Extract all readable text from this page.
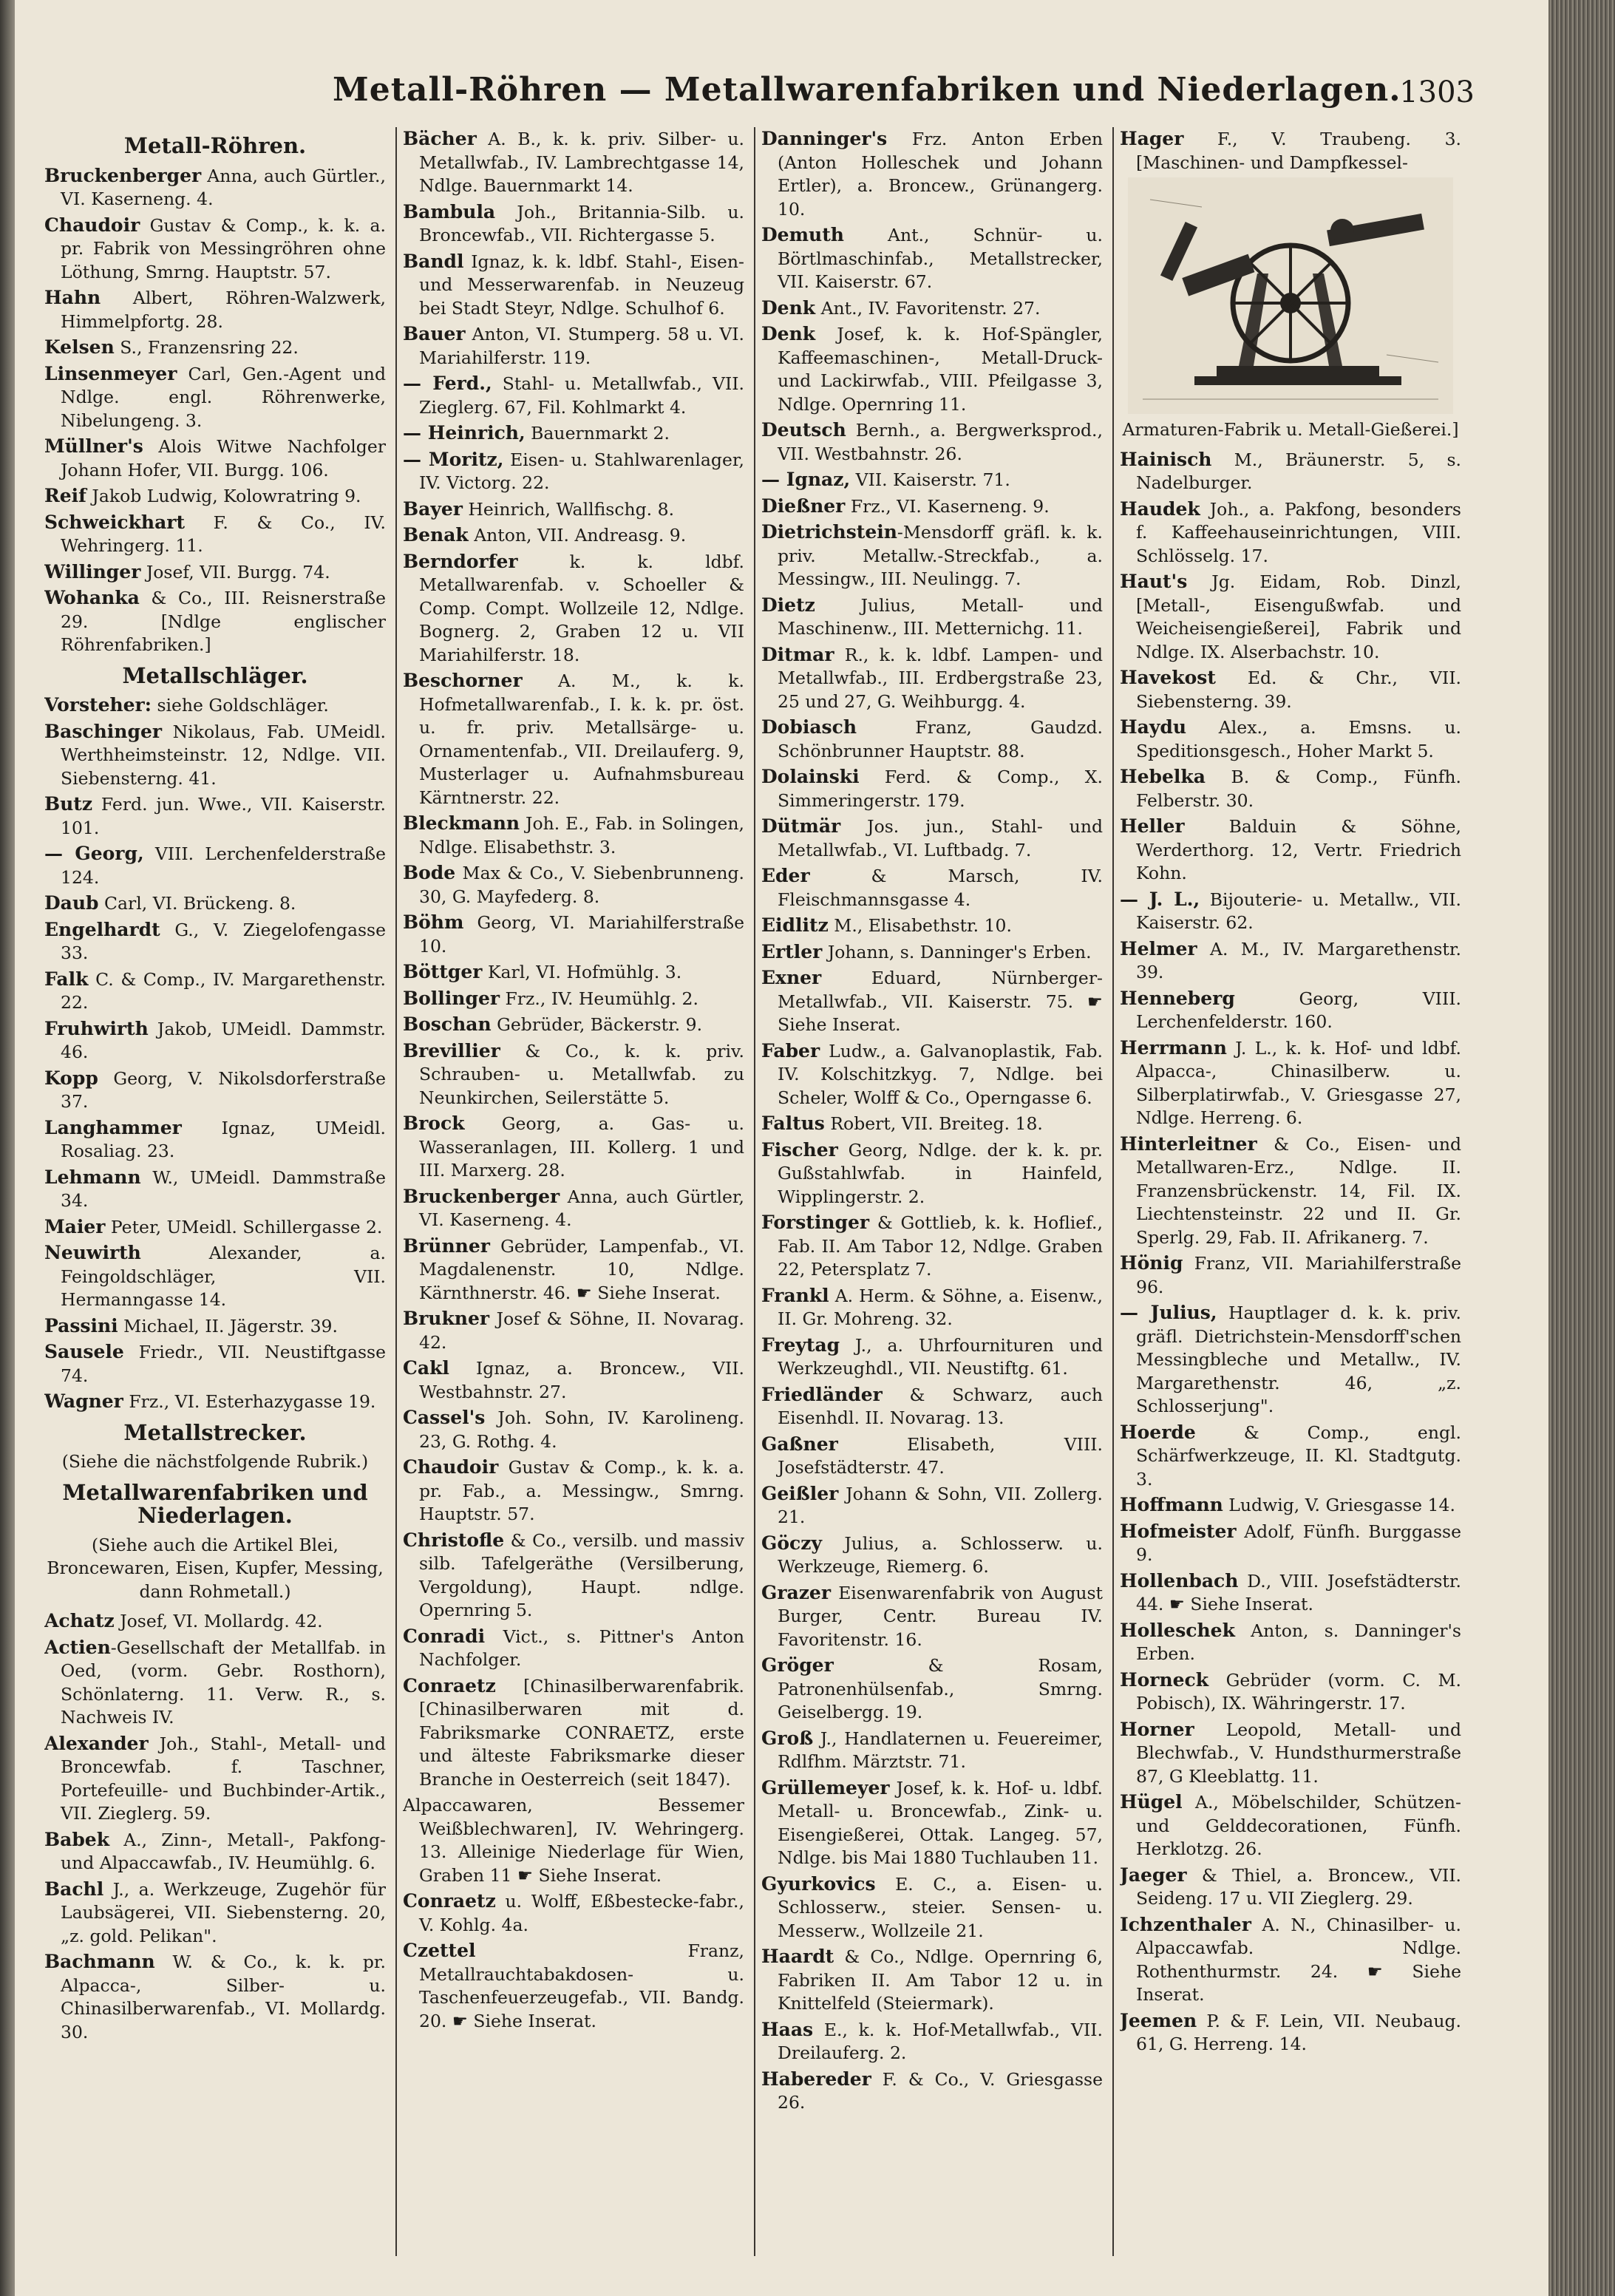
Metall-Röhren — Metallwarenfabriken und Niederlagen.
1303
Metall-Röhren.
Bruckenberger Anna, auch Gürtler., VI. Kaserneng. 4.
Chaudoir Gustav & Comp., k. k. a. pr. Fabrik von Messingröhren ohne Löthung, Smrng. Hauptstr. 57.
Hahn Albert, Röhren-Walzwerk, Himmelpfortg. 28.
Kelsen S., Franzensring 22.
Linsenmeyer Carl, Gen.-Agent und Ndlge. engl. Röhrenwerke, Nibelungeng. 3.
Müllner's Alois Witwe Nachfolger Johann Hofer, VII. Burgg. 106.
Reif Jakob Ludwig, Kolowratring 9.
Schweickhart F. & Co., IV. Wehringerg. 11.
Willinger Josef, VII. Burgg. 74.
Wohanka & Co., III. Reisnerstraße 29. [Ndlge englischer Röhrenfabriken.]
Metallschläger.
Vorsteher: siehe Goldschläger.
Baschinger Nikolaus, Fab. UMeidl. Werthheimsteinstr. 12, Ndlge. VII. Siebensterng. 41.
Butz Ferd. jun. Wwe., VII. Kaiserstr. 101.
— Georg, VIII. Lerchenfelderstraße 124.
Daub Carl, VI. Brückeng. 8.
Engelhardt G., V. Ziegelofengasse 33.
Falk C. & Comp., IV. Margarethenstr. 22.
Fruhwirth Jakob, UMeidl. Dammstr. 46.
Kopp Georg, V. Nikolsdorferstraße 37.
Langhammer Ignaz, UMeidl. Rosaliag. 23.
Lehmann W., UMeidl. Dammstraße 34.
Maier Peter, UMeidl. Schillergasse 2.
Neuwirth Alexander, a. Feingoldschläger, VII. Hermanngasse 14.
Passini Michael, II. Jägerstr. 39.
Sausele Friedr., VII. Neustiftgasse 74.
Wagner Frz., VI. Esterhazygasse 19.
Metallstrecker.
(Siehe die nächstfolgende Rubrik.)
Metallwarenfabriken und Niederlagen.
(Siehe auch die Artikel Blei, Broncewaren, Eisen, Kupfer, Messing, dann Rohmetall.)
Achatz Josef, VI. Mollardg. 42.
Actien-Gesellschaft der Metallfab. in Oed, (vorm. Gebr. Rosthorn), Schönlaterng. 11. Verw. R., s. Nachweis IV.
Alexander Joh., Stahl-, Metall- und Broncewfab. f. Taschner, Portefeuille- und Buchbinder-Artik., VII. Zieglerg. 59.
Babek A., Zinn-, Metall-, Pakfong- und Alpaccawfab., IV. Heumühlg. 6.
Bachl J., a. Werkzeuge, Zugehör für Laubsägerei, VII. Siebensterng. 20, „z. gold. Pelikan".
Bachmann W. & Co., k. k. pr. Alpacca-, Silber- u. Chinasilberwarenfab., VI. Mollardg. 30.
Bächer A. B., k. k. priv. Silber- u. Metallwfab., IV. Lambrechtgasse 14, Ndlge. Bauernmarkt 14.
Bambula Joh., Britannia-Silb. u. Broncewfab., VII. Richtergasse 5.
Bandl Ignaz, k. k. ldbf. Stahl-, Eisen- und Messerwarenfab. in Neuzeug bei Stadt Steyr, Ndlge. Schulhof 6.
Bauer Anton, VI. Stumperg. 58 u. VI. Mariahilferstr. 119.
— Ferd., Stahl- u. Metallwfab., VII. Zieglerg. 67, Fil. Kohlmarkt 4.
— Heinrich, Bauernmarkt 2.
— Moritz, Eisen- u. Stahlwarenlager, IV. Victorg. 22.
Bayer Heinrich, Wallfischg. 8.
Benak Anton, VII. Andreasg. 9.
Berndorfer k. k. ldbf. Metallwarenfab. v. Schoeller & Comp. Compt. Wollzeile 12, Ndlge. Bognerg. 2, Graben 12 u. VII Mariahilferstr. 18.
Beschorner A. M., k. k. Hofmetallwarenfab., I. k. k. pr. öst. u. fr. priv. Metallsärge- u. Ornamentenfab., VII. Dreilauferg. 9, Musterlager u. Aufnahmsbureau Kärntnerstr. 22.
Bleckmann Joh. E., Fab. in Solingen, Ndlge. Elisabethstr. 3.
Bode Max & Co., V. Siebenbrunneng. 30, G. Mayfederg. 8.
Böhm Georg, VI. Mariahilferstraße 10.
Böttger Karl, VI. Hofmühlg. 3.
Bollinger Frz., IV. Heumühlg. 2.
Boschan Gebrüder, Bäckerstr. 9.
Brevillier & Co., k. k. priv. Schrauben- u. Metallwfab. zu Neunkirchen, Seilerstätte 5.
Brock Georg, a. Gas- u. Wasseranlagen, III. Kollerg. 1 und III. Marxerg. 28.
Bruckenberger Anna, auch Gürtler, VI. Kaserneng. 4.
Brünner Gebrüder, Lampenfab., VI. Magdalenenstr. 10, Ndlge. Kärnthnerstr. 46. ☛ Siehe Inserat.
Brukner Josef & Söhne, II. Novarag. 42.
Cakl Ignaz, a. Broncew., VII. Westbahnstr. 27.
Cassel's Joh. Sohn, IV. Karolineng. 23, G. Rothg. 4.
Chaudoir Gustav & Comp., k. k. a. pr. Fab., a. Messingw., Smrng. Hauptstr. 57.
Christofle & Co., versilb. und massiv silb. Tafelgeräthe (Versilberung, Vergoldung), Haupt. ndlge. Opernring 5.
Conradi Vict., s. Pittner's Anton Nachfolger.
Conraetz [Chinasilberwarenfabrik. [Chinasilberwaren mit d. Fabriksmarke CONRAETZ, erste und älteste Fabriksmarke dieser Branche in Oesterreich (seit 1847).
Alpaccawaren, Bessemer Weißblechwaren], IV. Wehringerg. 13. Alleinige Niederlage für Wien, Graben 11 ☛ Siehe Inserat.
Conraetz u. Wolff, Eßbestecke-fabr., V. Kohlg. 4a.
Czettel Franz, Metallrauchtabakdosen- u. Taschenfeuerzeugefab., VII. Bandg. 20. ☛ Siehe Inserat.
Danninger's Frz. Anton Erben (Anton Holleschek und Johann Ertler), a. Broncew., Grünangerg. 10.
Demuth Ant., Schnür- u. Börtlmaschinfab., Metallstrecker, VII. Kaiserstr. 67.
Denk Ant., IV. Favoritenstr. 27.
Denk Josef, k. k. Hof-Spängler, Kaffeemaschinen-, Metall-Druck- und Lackirwfab., VIII. Pfeilgasse 3, Ndlge. Opernring 11.
Deutsch Bernh., a. Bergwerksprod., VII. Westbahnstr. 26.
— Ignaz, VII. Kaiserstr. 71.
Dießner Frz., VI. Kaserneng. 9.
Dietrichstein-Mensdorff gräfl. k. k. priv. Metallw.-Streckfab., a. Messingw., III. Neulingg. 7.
Dietz Julius, Metall- und Maschinenw., III. Metternichg. 11.
Ditmar R., k. k. ldbf. Lampen- und Metallwfab., III. Erdbergstraße 23, 25 und 27, G. Weihburgg. 4.
Dobiasch Franz, Gaudzd. Schönbrunner Hauptstr. 88.
Dolainski Ferd. & Comp., X. Simmeringerstr. 179.
Dütmär Jos. jun., Stahl- und Metallwfab., VI. Luftbadg. 7.
Eder & Marsch, IV. Fleischmannsgasse 4.
Eidlitz M., Elisabethstr. 10.
Ertler Johann, s. Danninger's Erben.
Exner Eduard, Nürnberger-Metallwfab., VII. Kaiserstr. 75. ☛ Siehe Inserat.
Faber Ludw., a. Galvanoplastik, Fab. IV. Kolschitzkyg. 7, Ndlge. bei Scheler, Wolff & Co., Operngasse 6.
Faltus Robert, VII. Breiteg. 18.
Fischer Georg, Ndlge. der k. k. pr. Gußstahlwfab. in Hainfeld, Wipplingerstr. 2.
Forstinger & Gottlieb, k. k. Hoflief., Fab. II. Am Tabor 12, Ndlge. Graben 22, Petersplatz 7.
Frankl A. Herm. & Söhne, a. Eisenw., II. Gr. Mohreng. 32.
Freytag J., a. Uhrfournituren und Werkzeughdl., VII. Neustiftg. 61.
Friedländer & Schwarz, auch Eisenhdl. II. Novarag. 13.
Gaßner Elisabeth, VIII. Josefstädterstr. 47.
Geißler Johann & Sohn, VII. Zollerg. 21.
Göczy Julius, a. Schlosserw. u. Werkzeuge, Riemerg. 6.
Grazer Eisenwarenfabrik von August Burger, Centr. Bureau IV. Favoritenstr. 16.
Gröger & Rosam, Patronenhülsenfab., Smrng. Geiselbergg. 19.
Groß J., Handlaternen u. Feuereimer, Rdlfhm. Märztstr. 71.
Grüllemeyer Josef, k. k. Hof- u. ldbf. Metall- u. Broncewfab., Zink- u. Eisengießerei, Ottak. Langeg. 57, Ndlge. bis Mai 1880 Tuchlauben 11.
Gyurkovics E. C., a. Eisen- u. Schlosserw., steier. Sensen- u. Messerw., Wollzeile 21.
Haardt & Co., Ndlge. Opernring 6, Fabriken II. Am Tabor 12 u. in Knittelfeld (Steiermark).
Haas E., k. k. Hof-Metallwfab., VII. Dreilauferg. 2.
Habereder F. & Co., V. Griesgasse 26.
Hager F., V. Traubeng. 3. [Maschinen- und Dampfkessel-
Armaturen-Fabrik u. Metall-Gießerei.]
Hainisch M., Bräunerstr. 5, s. Nadelburger.
Haudek Joh., a. Pakfong, besonders f. Kaffeehauseinrichtungen, VIII. Schlösselg. 17.
Haut's Jg. Eidam, Rob. Dinzl, [Metall-, Eisengußwfab. und Weicheisengießerei], Fabrik und Ndlge. IX. Alserbachstr. 10.
Havekost Ed. & Chr., VII. Siebensterng. 39.
Haydu Alex., a. Emsns. u. Speditionsgesch., Hoher Markt 5.
Hebelka B. & Comp., Fünfh. Felberstr. 30.
Heller Balduin & Söhne, Werderthorg. 12, Vertr. Friedrich Kohn.
— J. L., Bijouterie- u. Metallw., VII. Kaiserstr. 62.
Helmer A. M., IV. Margarethenstr. 39.
Henneberg Georg, VIII. Lerchenfelderstr. 160.
Herrmann J. L., k. k. Hof- und ldbf. Alpacca-, Chinasilberw. u. Silberplatirwfab., V. Griesgasse 27, Ndlge. Herreng. 6.
Hinterleitner & Co., Eisen- und Metallwaren-Erz., Ndlge. II. Franzensbrückenstr. 14, Fil. IX. Liechtensteinstr. 22 und II. Gr. Sperlg. 29, Fab. II. Afrikanerg. 7.
Hönig Franz, VII. Mariahilferstraße 96.
— Julius, Hauptlager d. k. k. priv. gräfl. Dietrichstein-Mensdorff'schen Messingbleche und Metallw., IV. Margarethenstr. 46, „z. Schlosserjung".
Hoerde & Comp., engl. Schärfwerkzeuge, II. Kl. Stadtgutg. 3.
Hoffmann Ludwig, V. Griesgasse 14.
Hofmeister Adolf, Fünfh. Burggasse 9.
Hollenbach D., VIII. Josefstädterstr. 44. ☛ Siehe Inserat.
Holleschek Anton, s. Danninger's Erben.
Horneck Gebrüder (vorm. C. M. Pobisch), IX. Währingerstr. 17.
Horner Leopold, Metall- und Blechwfab., V. Hundsthurmerstraße 87, G Kleeblattg. 11.
Hügel A., Möbelschilder, Schützen- und Gelddecorationen, Fünfh. Herklotzg. 26.
Jaeger & Thiel, a. Broncew., VII. Seideng. 17 u. VII Zieglerg. 29.
Ichzenthaler A. N., Chinasilber- u. Alpaccawfab. Ndlge. Rothenthurmstr. 24. ☛ Siehe Inserat.
Jeemen P. & F. Lein, VII. Neubaug. 61, G. Herreng. 14.
